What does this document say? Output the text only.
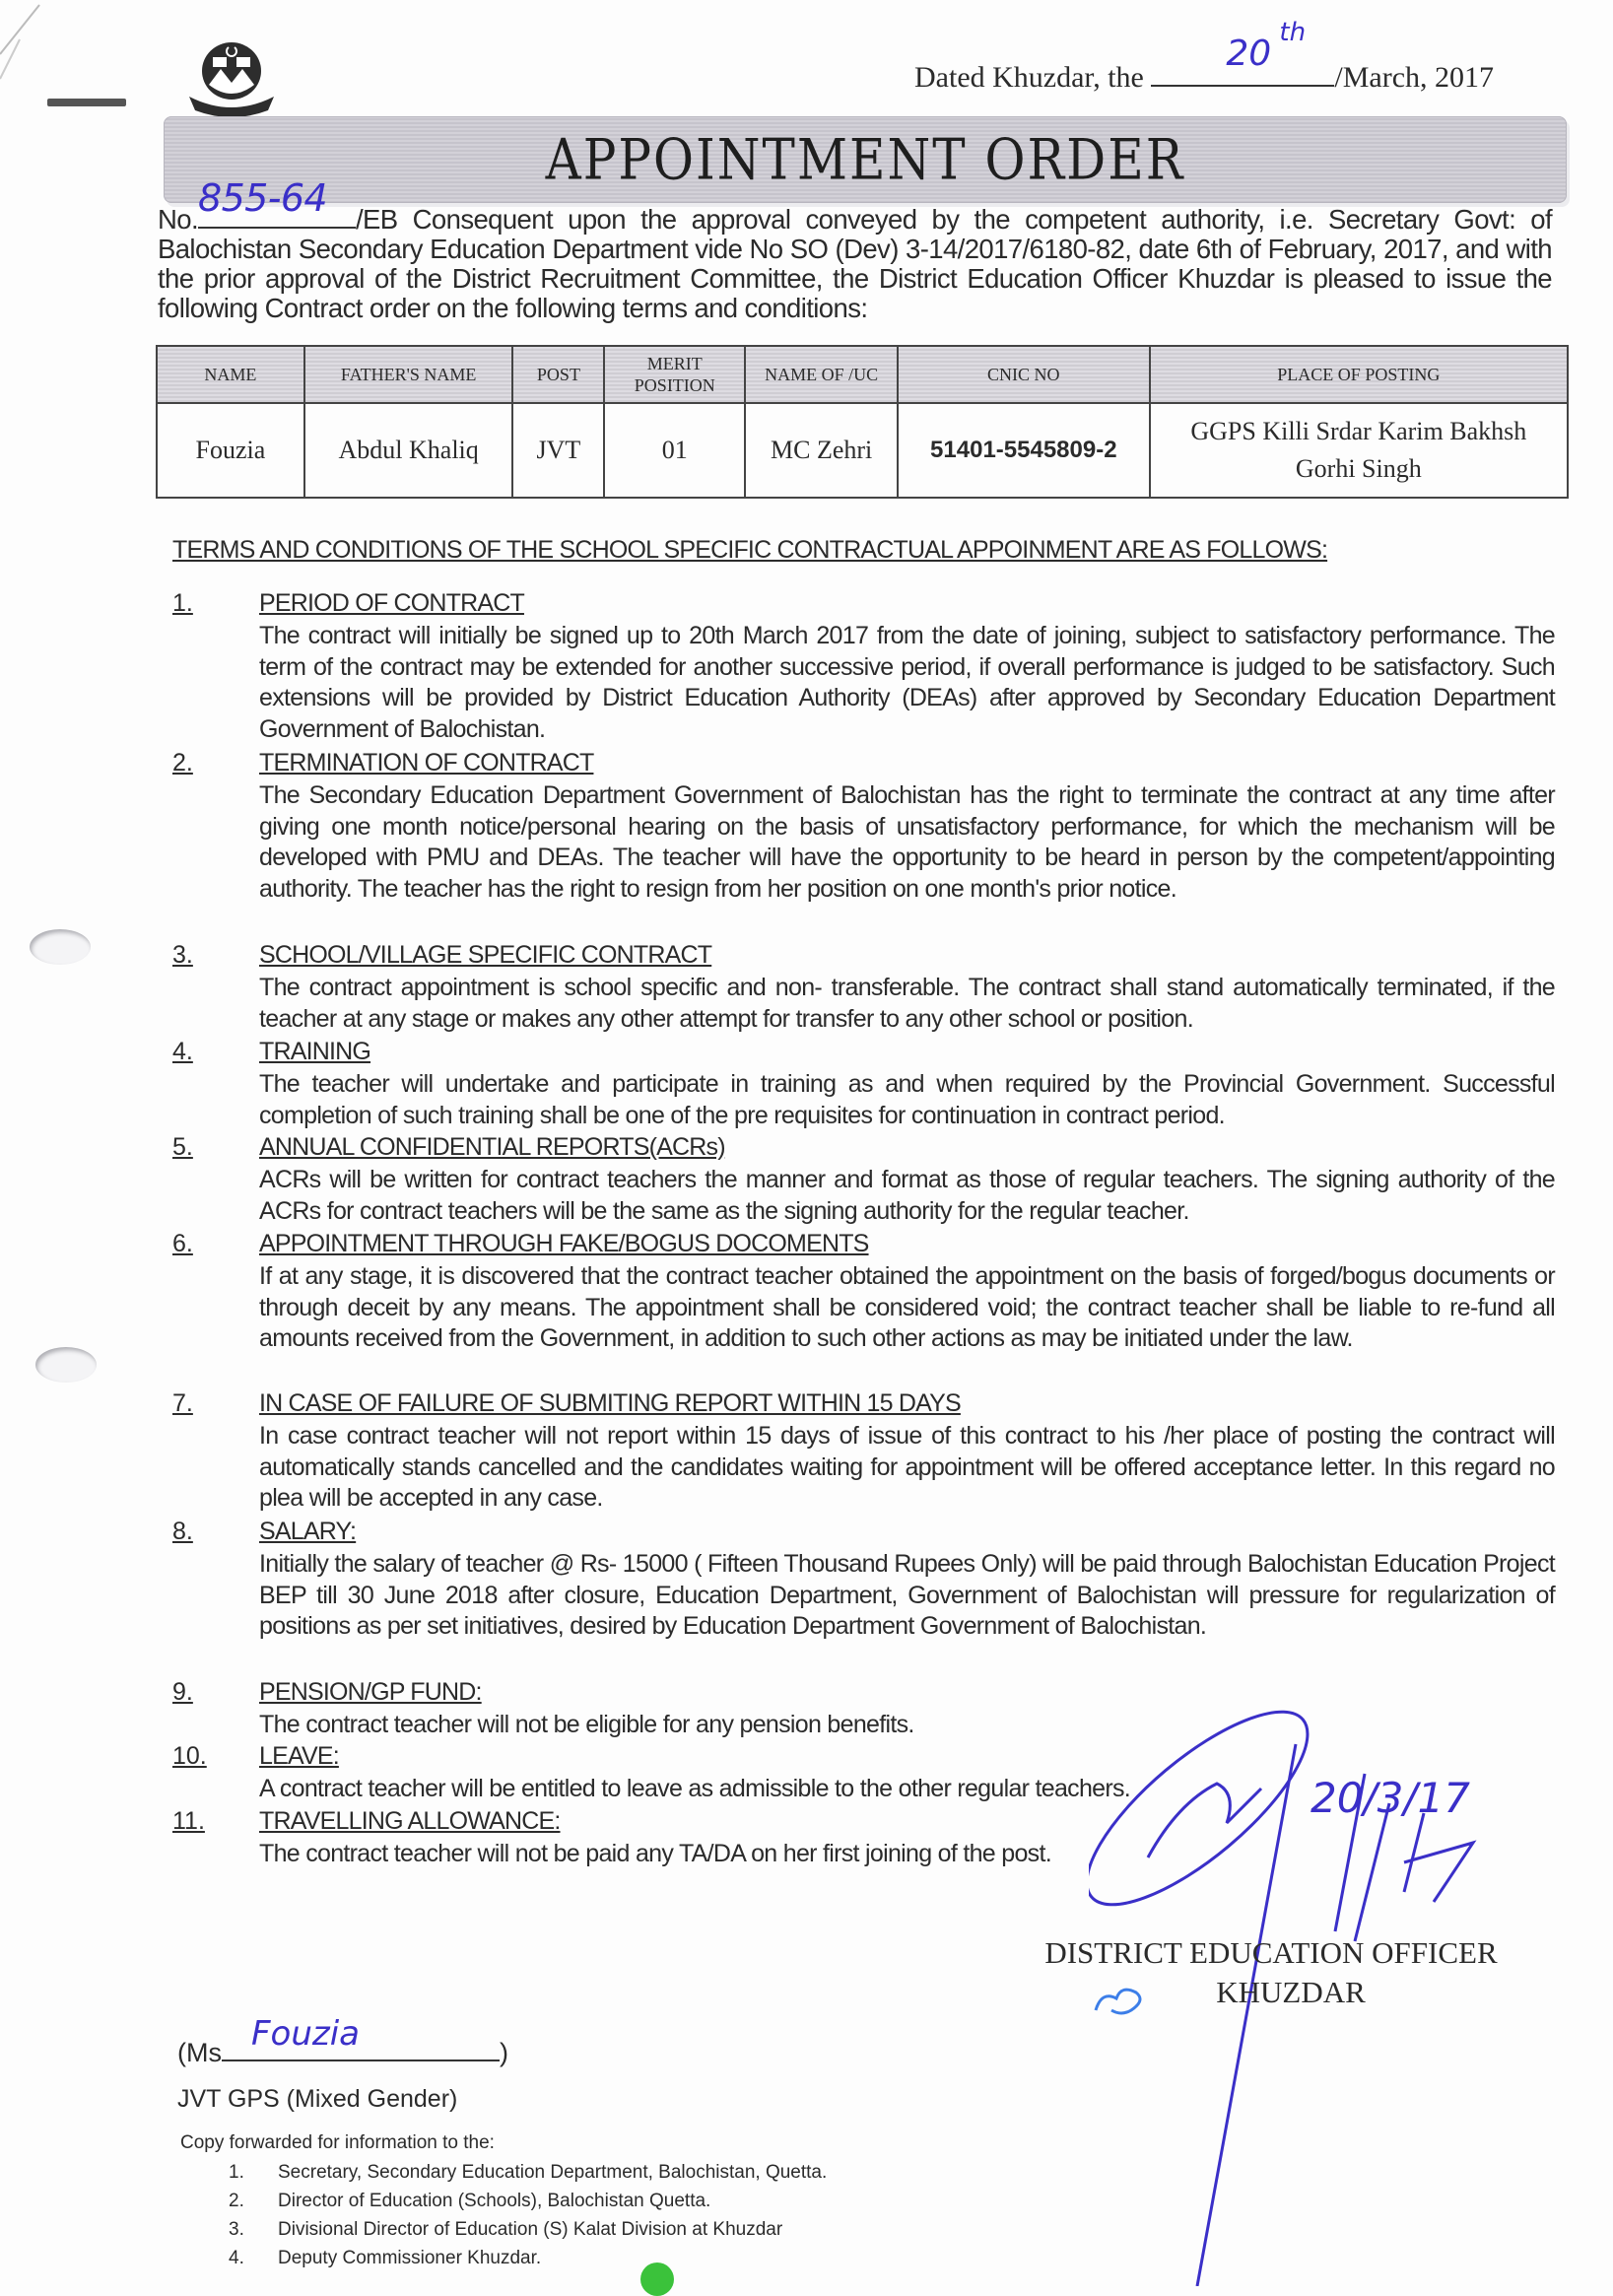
Dated Khuzdar, the
20
th
/March, 2017
APPOINTMENT ORDER
No. 855-64 /EB Consequent upon the approval conveyed by the competent authority, i.e. Secretary Govt: of Balochistan Secondary Education Department vide No SO (Dev) 3-14/2017/6180-82, date 6th of February, 2017, and with the prior approval of the District Recruitment Committee, the District Education Officer Khuzdar is pleased to issue the following Contract order on the following terms and conditions:
NAME	FATHER'S NAME	POST	MERIT POSITION	NAME OF /UC	CNIC NO	PLACE OF POSTING
Fouzia	Abdul Khaliq	JVT	01	MC Zehri	51401-5545809-2	GGPS Killi Srdar Karim Bakhsh Gorhi Singh
TERMS AND CONDITIONS OF THE SCHOOL SPECIFIC CONTRACTUAL APPOINMENT ARE AS FOLLOWS:
1.	PERIOD OF CONTRACT
The contract will initially be signed up to 20th March 2017 from the date of joining, subject to satisfactory performance. The term of the contract may be extended for another successive period, if overall performance is judged to be satisfactory. Such extensions will be provided by District Education Authority (DEAs) after approved by Secondary Education Department Government of Balochistan.
2.	TERMINATION OF CONTRACT
The Secondary Education Department Government of Balochistan has the right to terminate the contract at any time after giving one month notice/personal hearing on the basis of unsatisfactory performance, for which the mechanism will be developed with PMU and DEAs. The teacher will have the opportunity to be heard in person by the competent/appointing authority. The teacher has the right to resign from her position on one month's prior notice.
3.	SCHOOL/VILLAGE SPECIFIC CONTRACT
The contract appointment is school specific and non- transferable. The contract shall stand automatically terminated, if the teacher at any stage or makes any other attempt for transfer to any other school or position.
4.	TRAINING
The teacher will undertake and participate in training as and when required by the Provincial Government. Successful completion of such training shall be one of the pre requisites for continuation in contract period.
5.	ANNUAL CONFIDENTIAL REPORTS(ACRs)
ACRs will be written for contract teachers the manner and format as those of regular teachers. The signing authority of the ACRs for contract teachers will be the same as the signing authority for the regular teacher.
6.	APPOINTMENT THROUGH FAKE/BOGUS DOCOMENTS
If at any stage, it is discovered that the contract teacher obtained the appointment on the basis of forged/bogus documents or through deceit by any means. The appointment shall be considered void; the contract teacher shall be liable to re-fund all amounts received from the Government, in addition to such other actions as may be initiated under the law.
7.	IN CASE OF FAILURE OF SUBMITING REPORT WITHIN 15 DAYS
In case contract teacher will not report within 15 days of issue of this contract to his /her place of posting the contract will automatically stands cancelled and the candidates waiting for appointment will be offered acceptance letter. In this regard no plea will be accepted in any case.
8.	SALARY:
Initially the salary of teacher @ Rs- 15000 ( Fifteen Thousand Rupees Only) will be paid through Balochistan Education Project BEP till 30 June 2018 after closure, Education Department, Government of Balochistan will pressure for regularization of positions as per set initiatives, desired by Education Department Government of Balochistan.
9.	PENSION/GP FUND:
The contract teacher will not be eligible for any pension benefits.
10. LEAVE:
A contract teacher will be entitled to leave as admissible to the other regular teachers.
11. TRAVELLING ALLOWANCE:
The contract teacher will not be paid any TA/DA on her first joining of the post.
20/3/17
DISTRICT EDUCATION OFFICER
KHUZDAR
(Ms Fouzia	)
JVT GPS (Mixed Gender)
Copy forwarded for information to the:
1. Secretary, Secondary Education Department, Balochistan, Quetta.
2. Director of Education (Schools), Balochistan Quetta.
3. Divisional Director of Education (S) Kalat Division at Khuzdar
4. Deputy Commissioner Khuzdar.
